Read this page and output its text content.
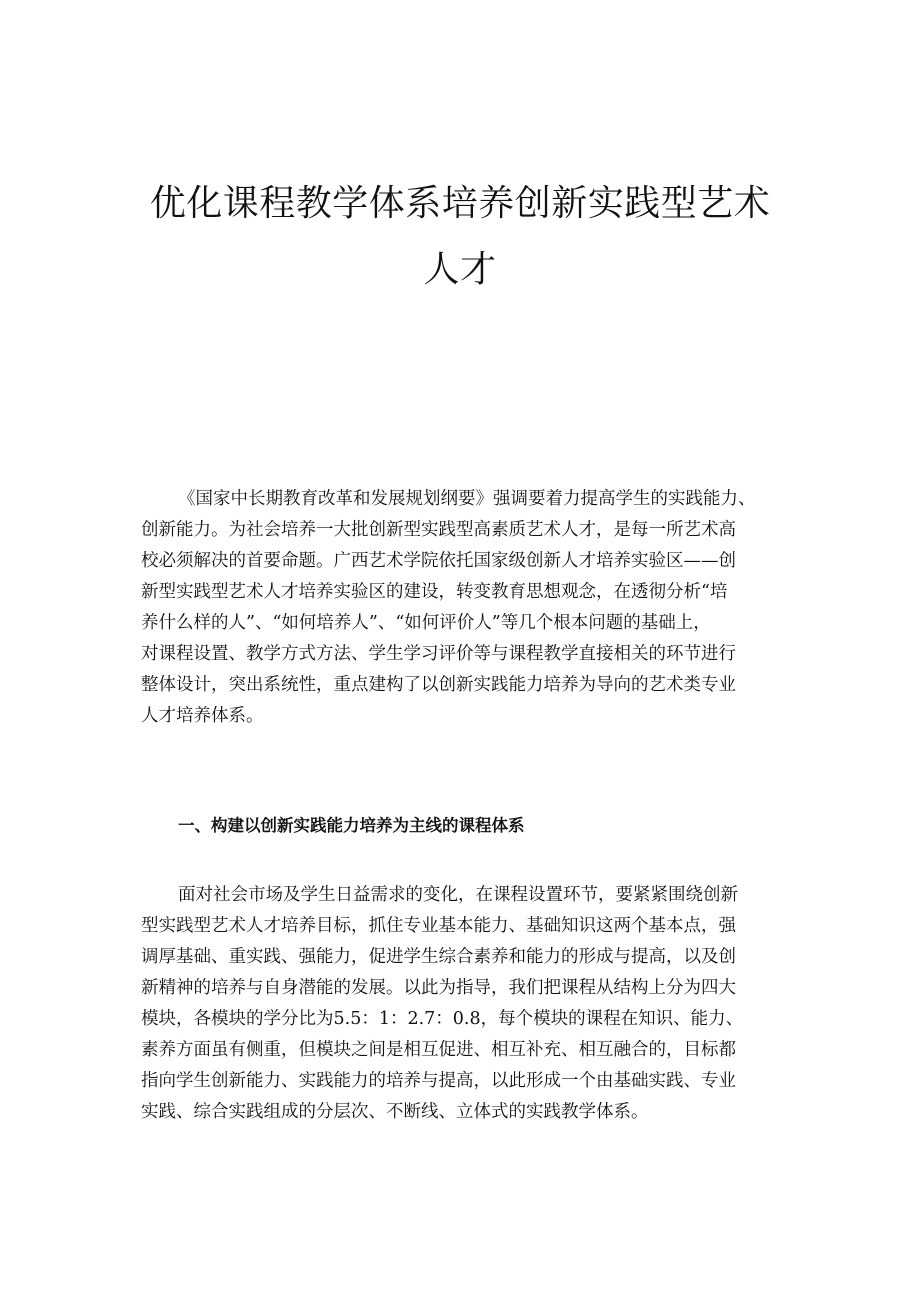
优化课程教学体系培养创新实践型艺术
人才
《国家中长期教育改革和发展规划纲要》强调要着力提高学生的实践能力、
创新能力。为社会培养一大批创新型实践型高素质艺术人才，是每一所艺术高
校必须解决的首要命题。广西艺术学院依托国家级创新人才培养实验区——创
新型实践型艺术人才培养实验区的建设，转变教育思想观念，在透彻分析“培
养什么样的人”、“如何培养人”、“如何评价人”等几个根本问题的基础上，
对课程设置、教学方式方法、学生学习评价等与课程教学直接相关的环节进行
整体设计，突出系统性，重点建构了以创新实践能力培养为导向的艺术类专业
人才培养体系。
一、构建以创新实践能力培养为主线的课程体系
面对社会市场及学生日益需求的变化，在课程设置环节，要紧紧围绕创新
型实践型艺术人才培养目标，抓住专业基本能力、基础知识这两个基本点，强
调厚基础、重实践、强能力，促进学生综合素养和能力的形成与提高，以及创
新精神的培养与自身潜能的发展。以此为指导，我们把课程从结构上分为四大
模块，各模块的学分比为5.5：1：2.7：0.8，每个模块的课程在知识、能力、
素养方面虽有侧重，但模块之间是相互促进、相互补充、相互融合的，目标都
指向学生创新能力、实践能力的培养与提高，以此形成一个由基础实践、专业
实践、综合实践组成的分层次、不断线、立体式的实践教学体系。
